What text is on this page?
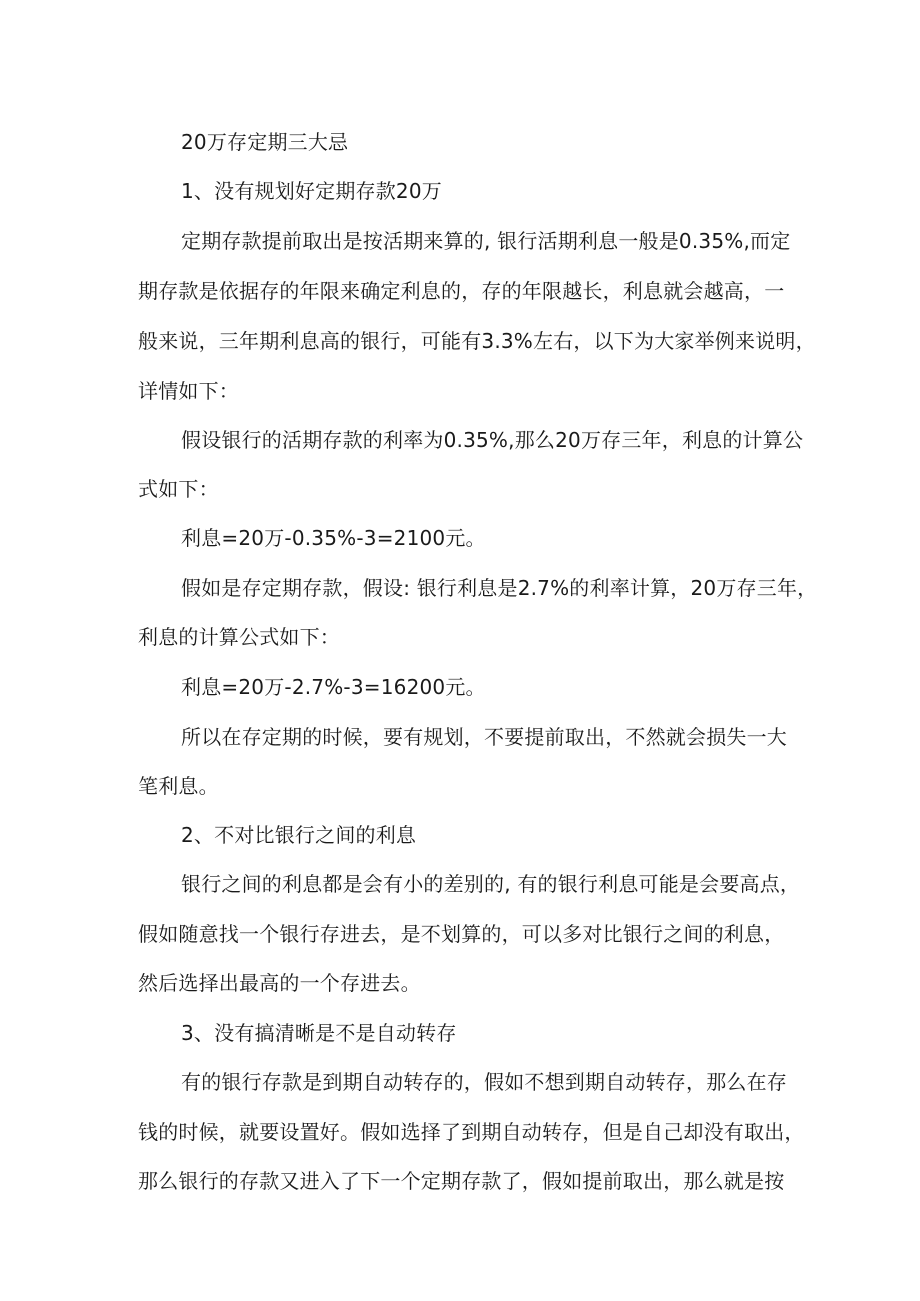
20万存定期三大忌
1、没有规划好定期存款20万
定期存款提前取出是按活期来算的, 银行活期利息一般是0.35%,而定
期存款是依据存的年限来确定利息的，存的年限越长，利息就会越高，一
般来说，三年期利息高的银行，可能有3.3%左右，以下为大家举例来说明，
详情如下：
假设银行的活期存款的利率为0.35%,那么20万存三年，利息的计算公
式如下：
利息=20万-0.35%-3=2100元。
假如是存定期存款，假设: 银行利息是2.7%的利率计算，20万存三年，
利息的计算公式如下：
利息=20万-2.7%-3=16200元。
所以在存定期的时候，要有规划，不要提前取出，不然就会损失一大
笔利息。
2、不对比银行之间的利息
银行之间的利息都是会有小的差别的, 有的银行利息可能是会要高点，
假如随意找一个银行存进去，是不划算的，可以多对比银行之间的利息，
然后选择出最高的一个存进去。
3、没有搞清晰是不是自动转存
有的银行存款是到期自动转存的，假如不想到期自动转存，那么在存
钱的时候，就要设置好。假如选择了到期自动转存，但是自己却没有取出，
那么银行的存款又进入了下一个定期存款了，假如提前取出，那么就是按
